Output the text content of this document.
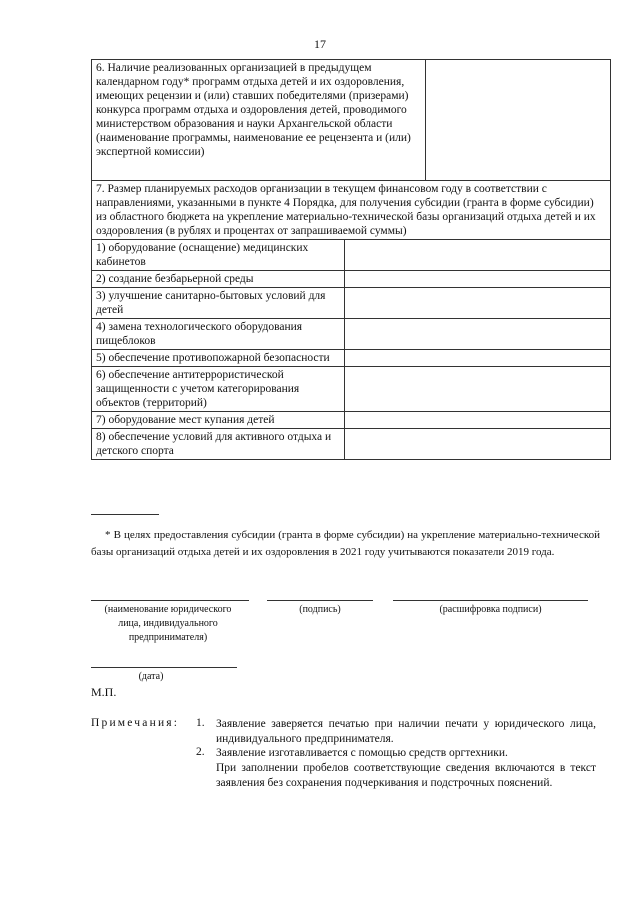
17
6. Наличие реализованных организацией в предыдущем календарном году* программ отдыха детей и их оздоровления, имеющих рецензии и (или) ставших победителями (призерами) конкурса программ отдыха и оздоровления детей, проводимого министерством образования и науки Архангельской области (наименование программы, наименование ее рецензента и (или) экспертной комиссии)		
7. Размер планируемых расходов организации в текущем финансовом году в соответствии с направлениями, указанными в пункте 4 Порядка, для получения субсидии (гранта в форме субсидии) из областного бюджета на укрепление материально-технической базы организаций отдыха детей и их оздоровления (в рублях и процентах от запрашиваемой суммы)		
1) оборудование (оснащение) медицинских кабинетов		
2) создание безбарьерной среды		
3) улучшение санитарно-бытовых условий для детей		
4) замена технологического оборудования пищеблоков		
5) обеспечение противопожарной безопасности		
6) обеспечение антитеррористической защищенности с учетом категорирования объектов (территорий)		
7) оборудование мест купания детей		
8) обеспечение условий для активного отдыха и детского спорта		
* В целях предоставления субсидии (гранта в форме субсидии) на укрепление материально-технической базы организаций отдыха детей и их оздоровления в 2021 году учитываются показатели 2019 года.
(наименование юридического лица, индивидуального предпринимателя)
(подпись)	(расшифровка подписи)
(дата)
М.П.
Примечания: 1. Заявление заверяется печатью при наличии печати у юридического лица, индивидуального предпринимателя.
2. Заявление изготавливается с помощью средств оргтехники.
При заполнении пробелов соответствующие сведения включаются в текст заявления без сохранения подчеркивания и подстрочных пояснений.
